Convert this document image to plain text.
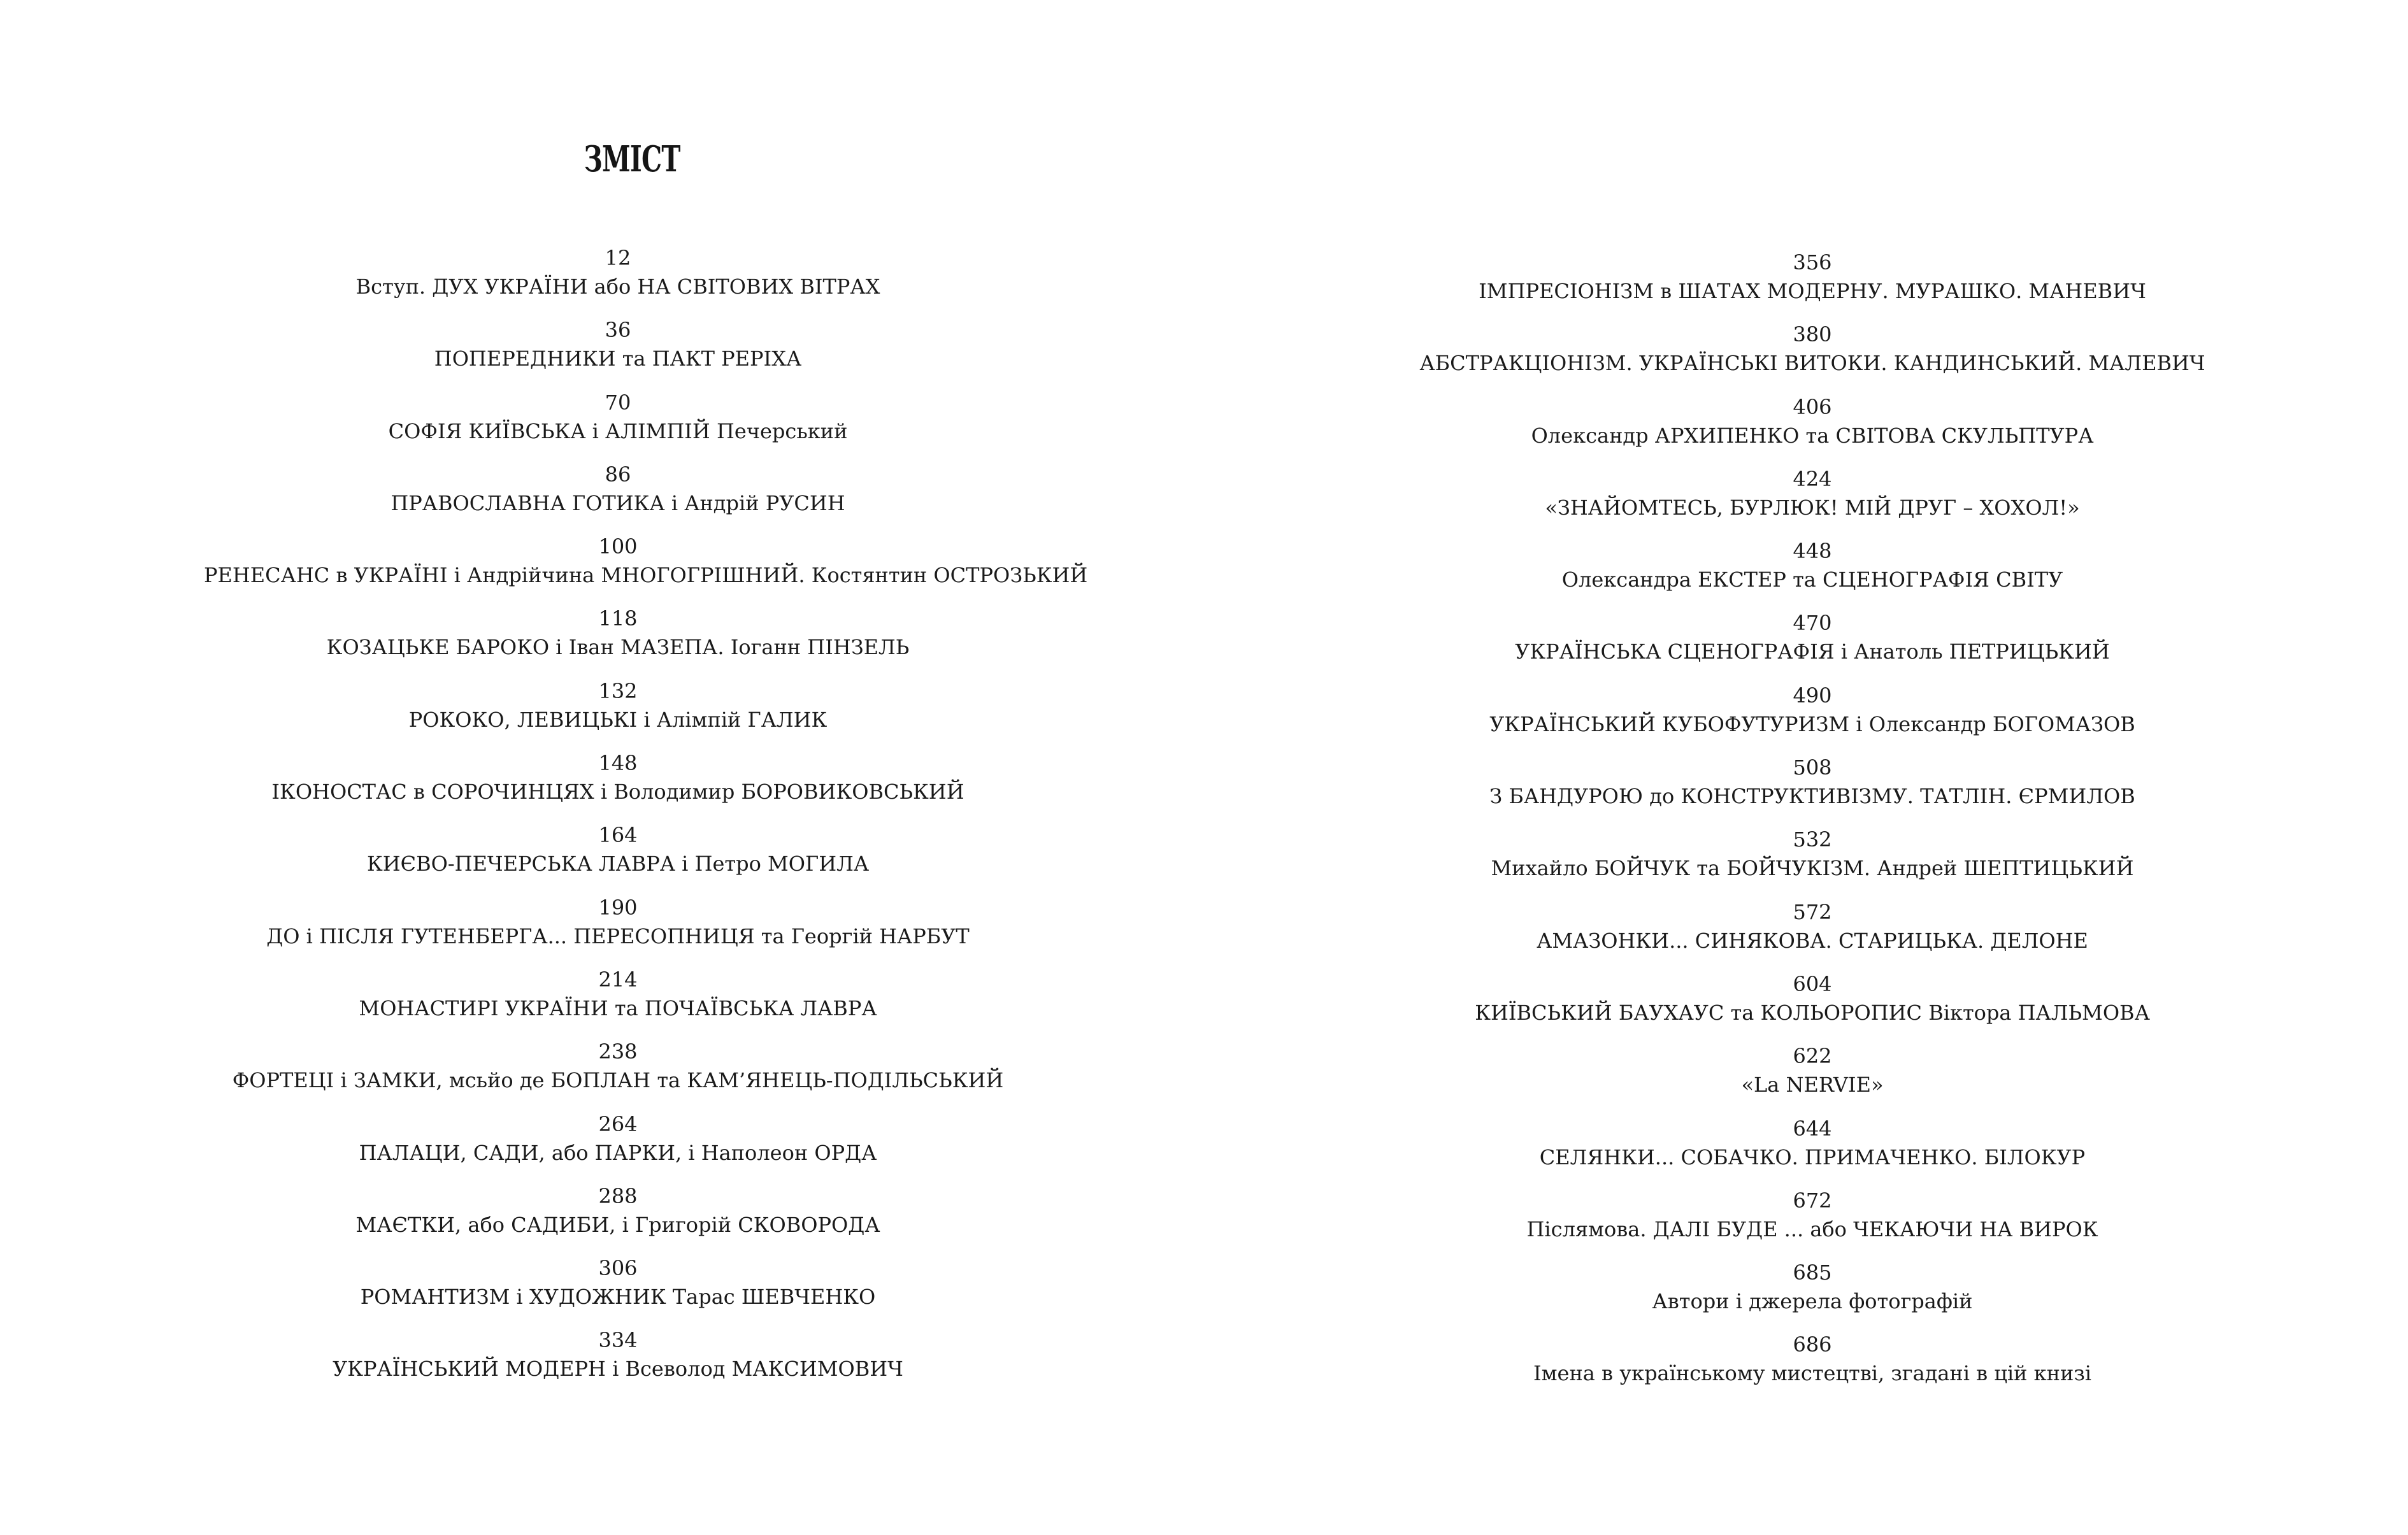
ЗМІСТ
12
Вступ. ДУХ УКРАЇНИ або НА СВІТОВИХ ВІТРАХ
36
ПОПЕРЕДНИКИ та ПАКТ РЕРІХА
70
СОФІЯ КИЇВСЬКА і АЛІМПІЙ Печерський
86
ПРАВОСЛАВНА ГОТИКА і Андрій РУСИН
100
РЕНЕСАНС в УКРАЇНІ і Андрійчина МНОГОГРІШНИЙ. Костянтин ОСТРОЗЬКИЙ
118
КОЗАЦЬКЕ БАРОКО і Іван МАЗЕПА. Іоганн ПІНЗЕЛЬ
132
РОКОКО, ЛЕВИЦЬКІ і Алімпій ГАЛИК
148
ІКОНОСТАС в СОРОЧИНЦЯХ і Володимир БОРОВИКОВСЬКИЙ
164
КИЄВО-ПЕЧЕРСЬКА ЛАВРА і Петро МОГИЛА
190
ДО і ПІСЛЯ ГУТЕНБЕРГА... ПЕРЕСОПНИЦЯ та Георгій НАРБУТ
214
МОНАСТИРІ УКРАЇНИ та ПОЧАЇВСЬКА ЛАВРА
238
ФОРТЕЦІ і ЗАМКИ, мсьйо де БОПЛАН та КАМ’ЯНЕЦЬ-ПОДІЛЬСЬКИЙ
264
ПАЛАЦИ, САДИ, або ПАРКИ, і Наполеон ОРДА
288
МАЄТКИ, або САДИБИ, і Григорій СКОВОРОДА
306
РОМАНТИЗМ і ХУДОЖНИК Тарас ШЕВЧЕНКО
334
УКРАЇНСЬКИЙ МОДЕРН і Всеволод МАКСИМОВИЧ
356
ІМПРЕСІОНІЗМ в ШАТАХ МОДЕРНУ. МУРАШКО. МАНЕВИЧ
380
АБСТРАКЦІОНІЗМ. УКРАЇНСЬКІ ВИТОКИ. КАНДИНСЬКИЙ. МАЛЕВИЧ
406
Олександр АРХИПЕНКО та СВІТОВА СКУЛЬПТУРА
424
«ЗНАЙОМТЕСЬ, БУРЛЮК! МІЙ ДРУГ – ХОХОЛ!»
448
Олександра ЕКСТЕР та СЦЕНОГРАФІЯ СВІТУ
470
УКРАЇНСЬКА СЦЕНОГРАФІЯ і Анатоль ПЕТРИЦЬКИЙ
490
УКРАЇНСЬКИЙ КУБОФУТУРИЗМ і Олександр БОГОМАЗОВ
508
З БАНДУРОЮ до КОНСТРУКТИВІЗМУ. ТАТЛІН. ЄРМИЛОВ
532
Михайло БОЙЧУК та БОЙЧУКІЗМ. Андрей ШЕПТИЦЬКИЙ
572
АМАЗОНКИ... СИНЯКОВА. СТАРИЦЬКА. ДЕЛОНЕ
604
КИЇВСЬКИЙ БАУХАУС та КОЛЬОРОПИС Віктора ПАЛЬМОВА
622
«La NERVIE»
644
СЕЛЯНКИ... СОБАЧКО. ПРИМАЧЕНКО. БІЛОКУР
672
Післямова. ДАЛІ БУДЕ ... або ЧЕКАЮЧИ НА ВИРОК
685
Автори і джерела фотографій
686
Імена в українському мистецтві, згадані в цій книзі
